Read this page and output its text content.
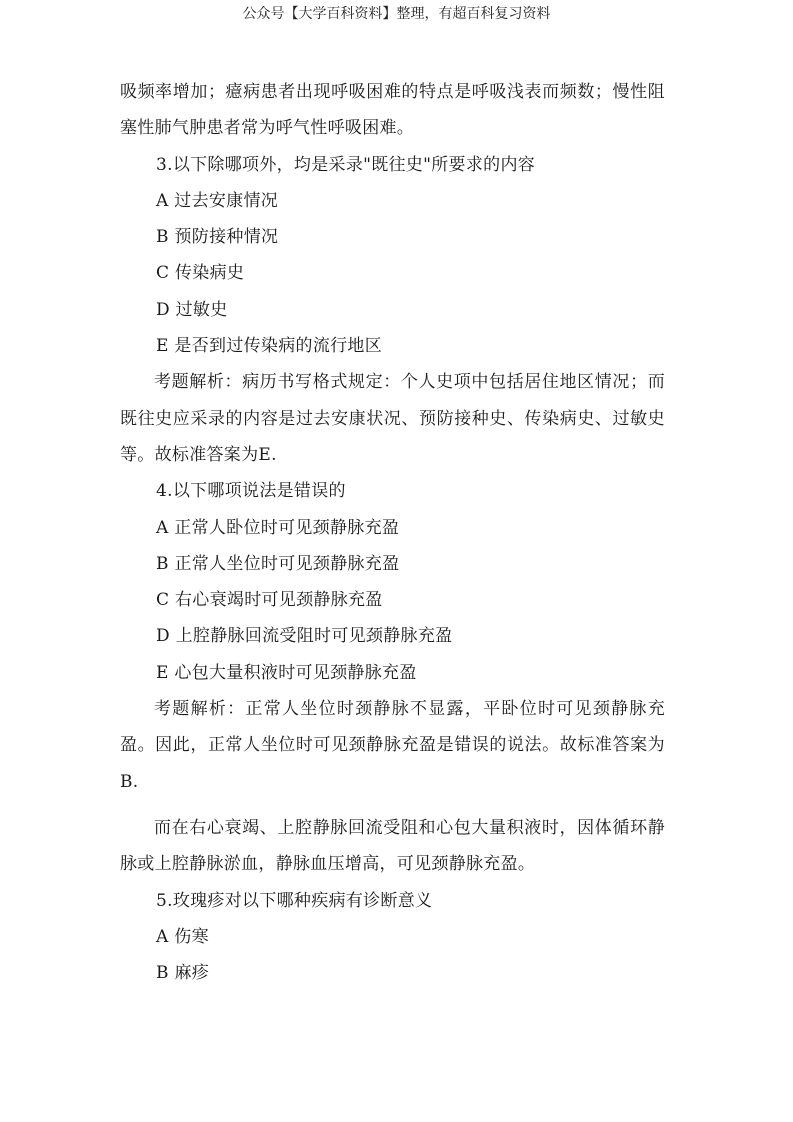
公众号【大学百科资料】整理，有超百科复习资料

吸频率增加；癔病患者出现呼吸困难的特点是呼吸浅表而频数；慢性阻塞性肺气肿患者常为呼气性呼吸困难。

3.以下除哪项外，均是采录"既往史"所要求的内容

A 过去安康情况

B 预防接种情况

C 传染病史

D 过敏史

E 是否到过传染病的流行地区

考题解析：病历书写格式规定：个人史项中包括居住地区情况；而既往史应采录的内容是过去安康状况、预防接种史、传染病史、过敏史等。故标准答案为E.

4.以下哪项说法是错误的

A 正常人卧位时可见颈静脉充盈

B 正常人坐位时可见颈静脉充盈

C 右心衰竭时可见颈静脉充盈

D 上腔静脉回流受阻时可见颈静脉充盈

E 心包大量积液时可见颈静脉充盈

考题解析：正常人坐位时颈静脉不显露，平卧位时可见颈静脉充盈。因此，正常人坐位时可见颈静脉充盈是错误的说法。故标准答案为B.

而在右心衰竭、上腔静脉回流受阻和心包大量积液时，因体循环静脉或上腔静脉淤血，静脉血压增高，可见颈静脉充盈。

5.玫瑰疹对以下哪种疾病有诊断意义

A 伤寒

B 麻疹
